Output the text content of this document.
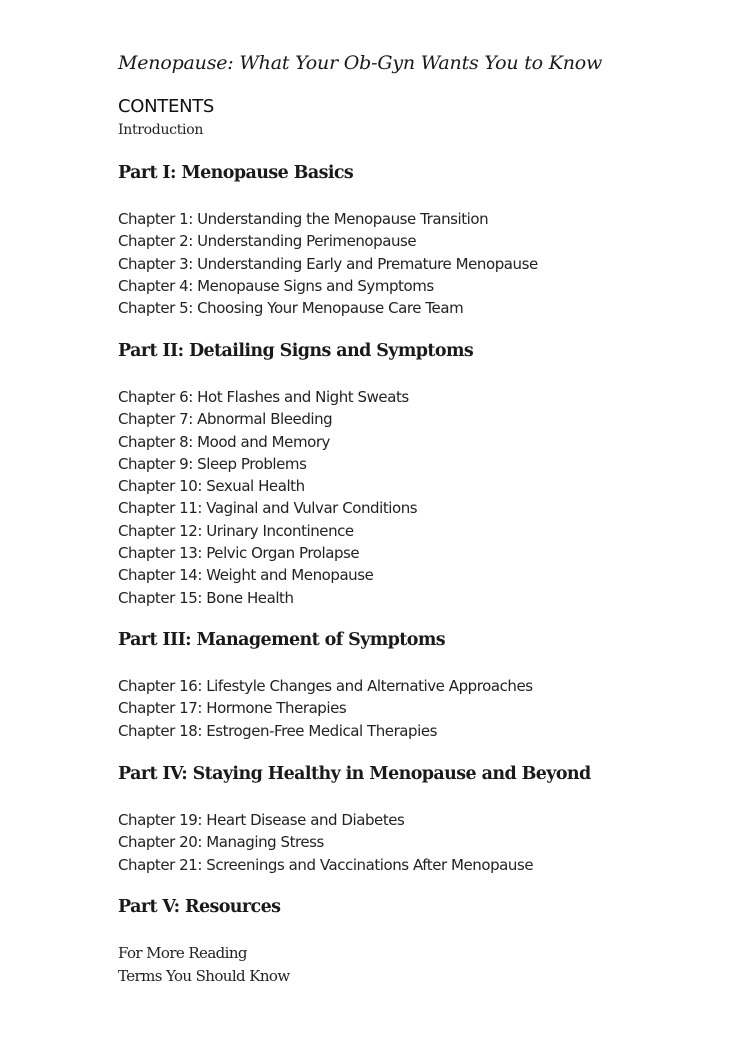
Menopause: What Your Ob-Gyn Wants You to Know
CONTENTS
Introduction
Part I: Menopause Basics
Chapter 1: Understanding the Menopause Transition
Chapter 2: Understanding Perimenopause
Chapter 3: Understanding Early and Premature Menopause
Chapter 4: Menopause Signs and Symptoms
Chapter 5: Choosing Your Menopause Care Team
Part II: Detailing Signs and Symptoms
Chapter 6: Hot Flashes and Night Sweats
Chapter 7: Abnormal Bleeding
Chapter 8: Mood and Memory
Chapter 9: Sleep Problems
Chapter 10: Sexual Health
Chapter 11: Vaginal and Vulvar Conditions
Chapter 12: Urinary Incontinence
Chapter 13: Pelvic Organ Prolapse
Chapter 14: Weight and Menopause
Chapter 15: Bone Health
Part III: Management of Symptoms
Chapter 16: Lifestyle Changes and Alternative Approaches
Chapter 17: Hormone Therapies
Chapter 18: Estrogen-Free Medical Therapies
Part IV: Staying Healthy in Menopause and Beyond
Chapter 19: Heart Disease and Diabetes
Chapter 20: Managing Stress
Chapter 21: Screenings and Vaccinations After Menopause
Part V: Resources
For More Reading
Terms You Should Know
